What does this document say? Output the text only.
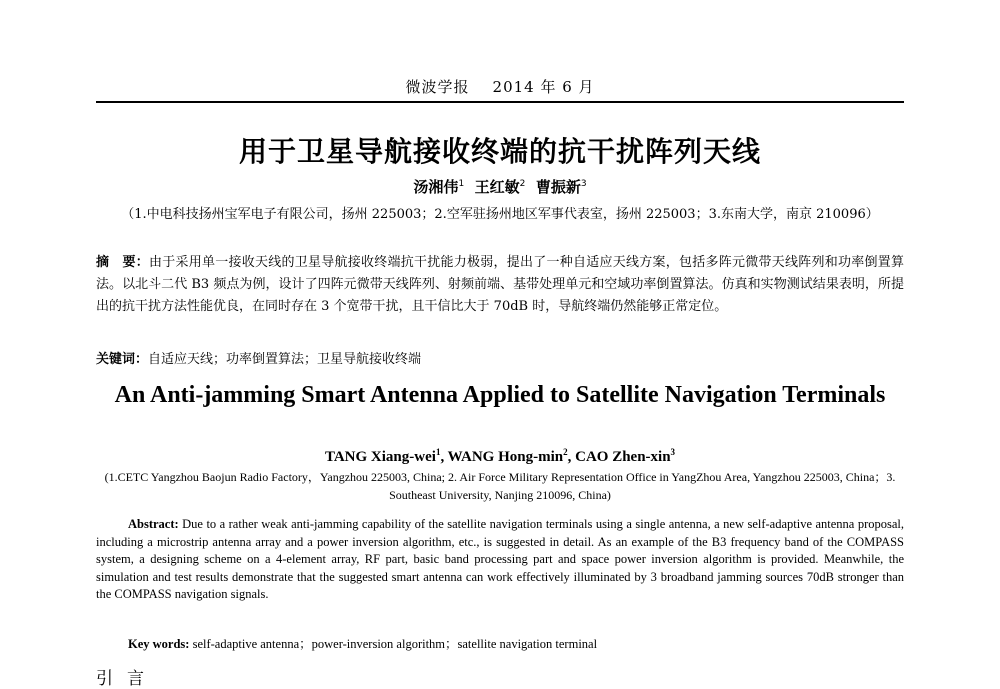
微波学报 2014 年 6 月
用于卫星导航接收终端的抗干扰阵列天线
汤湘伟$^1$ 王红敏$^2$ 曹振新$^3$
（1.中电科技扬州宝军电子有限公司，扬州 225003；2.空军驻扬州地区军事代表室，扬州 225003；3.东南大学，南京 210096）
摘　要：由于采用单一接收天线的卫星导航接收终端抗干扰能力极弱，提出了一种自适应天线方案，包括多阵元微带天线阵列和功率倒置算法。以北斗二代 B3 频点为例，设计了四阵元微带天线阵列、射频前端、基带处理单元和空域功率倒置算法。仿真和实物测试结果表明，所提出的抗干扰方法性能优良，在同时存在 3 个宽带干扰，且干信比大于 70dB 时，导航终端仍然能够正常定位。
关键词：自适应天线；功率倒置算法；卫星导航接收终端
An Anti-jamming Smart Antenna Applied to Satellite Navigation Terminals
TANG Xiang-wei$^1$, WANG Hong-$\min^2$, CAO Zhen-xin$^3$
(1.CETC Yangzhou Baojun Radio Factory，Yangzhou 225003, China; 2. Air Force Military Representation Office in YangZhou Area, Yangzhou 225003, China；3. Southeast University, Nanjing 210096, China)
Abstract: Due to a rather weak anti-jamming capability of the satellite navigation terminals using a single antenna, a new self-adaptive antenna proposal, including a microstrip antenna array and a power inversion algorithm, etc., is suggested in detail. As an example of the B3 frequency band of the COMPASS system, a designing scheme on a 4-element array, RF part, basic band processing part and space power inversion algorithm is provided. Meanwhile, the simulation and test results demonstrate that the suggested smart antenna can work effectively illuminated by 3 broadband jamming sources 70dB stronger than the COMPASS navigation signals.
Key words: self-adaptive antenna；power-inversion algorithm；satellite navigation terminal
引言
